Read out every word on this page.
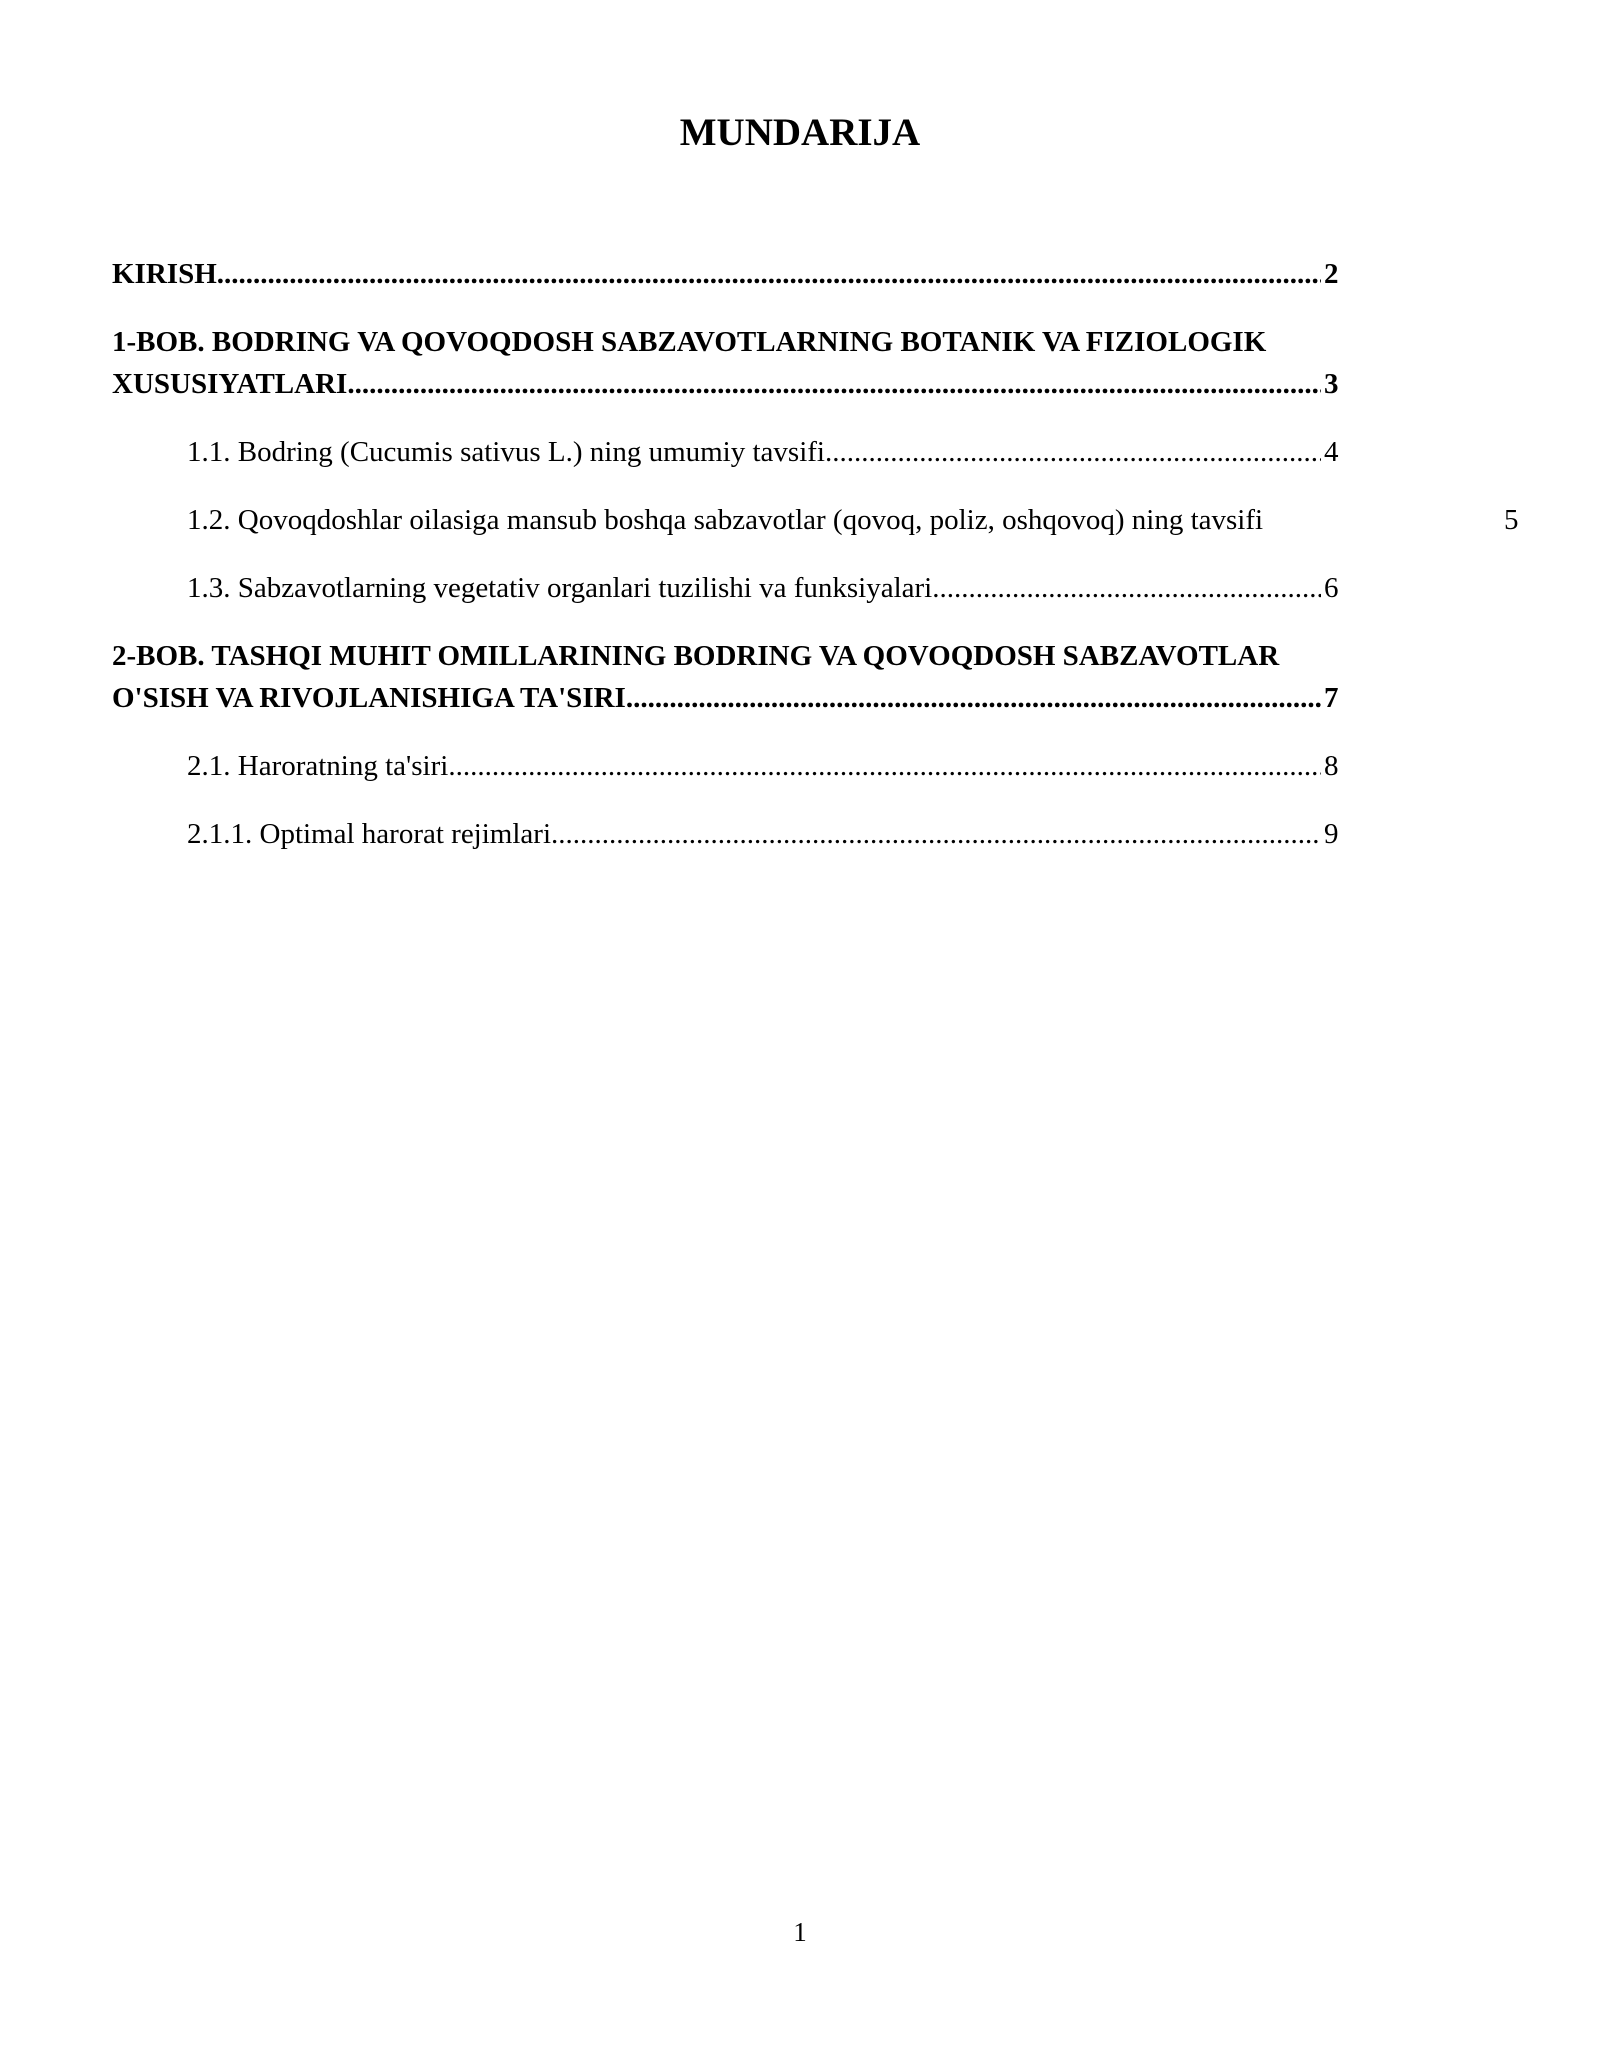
MUNDARIJA
KIRISH .....	2
1-BOB. BODRING VA QOVOQDOSH SABZAVOTLARNING BOTANIK VA FIZIOLOGIK
XUSUSIYATLARI .....	3
1.1. Bodring (Cucumis sativus L.) ning umumiy tavsifi .....	4
1.2. Qovoqdoshlar oilasiga mansub boshqa sabzavotlar (qovoq, poliz, oshqovoq) ning tavsifi	5
1.3. Sabzavotlarning vegetativ organlari tuzilishi va funksiyalari .....	6
2-BOB. TASHQI MUHIT OMILLARINING BODRING VA QOVOQDOSH SABZAVOTLAR
O'SISH VA RIVOJLANISHIGA TA'SIRI .....	7
2.1. Haroratning ta'siri .....	8
2.1.1. Optimal harorat rejimlari .....	9
1
